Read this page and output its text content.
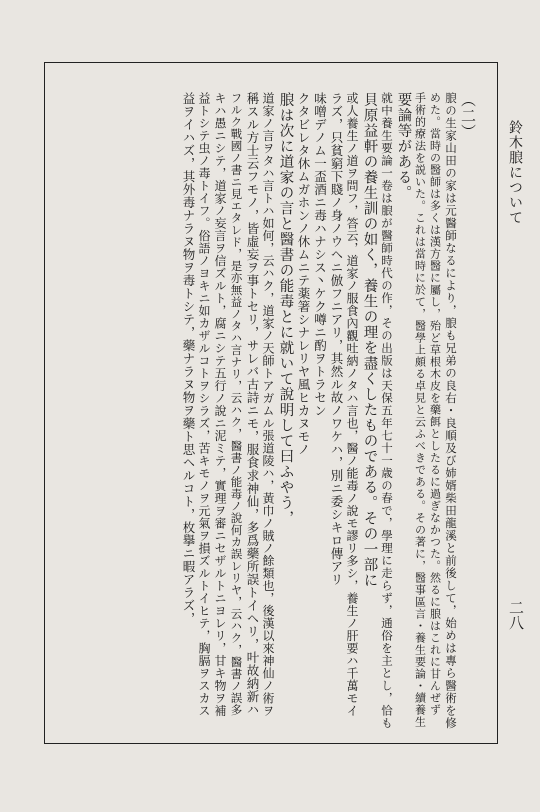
鈴木朖について
二八
（二）
朖の生家山田の家は元醫師なるにより，朖も兄弟の良右・良順及び姉婿柴田龍溪と前後して，始めは專ら醫術を修
めた。當時の醫師は多くは漢方醫に屬し，殆ど草根木皮を藥餌としたるに過ぎなかつた。然るに朖はこれに甘んぜず
手術的療法を説いた。これは當時に於て，醫學上頗る卓見と云ふべきである。その著に，醫事區言・養生要論・續養生
要論等がある。
就中養生要論一卷は朖が醫師時代の作，その出版は天保五年七十一歳の春で，學理に走らず，通俗を主とし，恰も
貝原益軒の養生訓の如く，養生の理を盡くしたものである。その一部に
或人養生ノ道ヲ問フ，答云，道家ノ服食內觀吐納ノタハ言也，醫ノ能毒ノ說モ謬リ多シ，養生ノ肝要ハ千萬モイ
ラズ，只貧窮下賤ノ身ノウヘニ倣フニアリ，其然ル故ノワケハ，別ニ委シキロ傳アリ
味噌デノム一盃酒ニ毒ハナシス丶ケク噂ニ酌ヲトラセン
クタビレタ休ムガホンノ休ムニテ薬箸シナレリヤ風ヒカヌモノ
朖は次に道家の言と醫書の能毒とに就いて說明して曰ふやう，
道家ノ言ヲタハ言トハ如何，云ハク，道家ノ天師トアガムル張道陵ハ，黃巾ノ賊ノ餘類也，後漢以來神仙ノ術ヲ
稱スル方士云フモノ，皆虛妄ヲ事トセリ，サレバ古詩ニモ，服食求神仙，多爲藥所誤トイヘリ，叶故納新ハ
フルク戰國ノ書ニ見エタレド，是亦無益ノタハ言ナリ，云ハク，醫書ノ能毒ノ說何カ誤レリヤ，云ハク，醫書ノ誤多
キハ愚ニシテ，道家ノ妄言ヲ信ズルト，腐ニシテ五行ノ說ニ泥ミテ，實理ヲ審ニセザルトニヨレリ，甘キ物ヲ補
益トシテ虫ノ毒トイフ。俗語ノヨキニ如カザルコトヲシラズ，苦キモノヲ元氣ヲ損ズルトイヒテ，胸膈ヲスカス
益ヲイハズ，其外毒ナラヌ物ヲ毒トシテ，藥ナラヌ物ヲ藥ト思ヘルコト，枚擧ニ暇アラズ，
